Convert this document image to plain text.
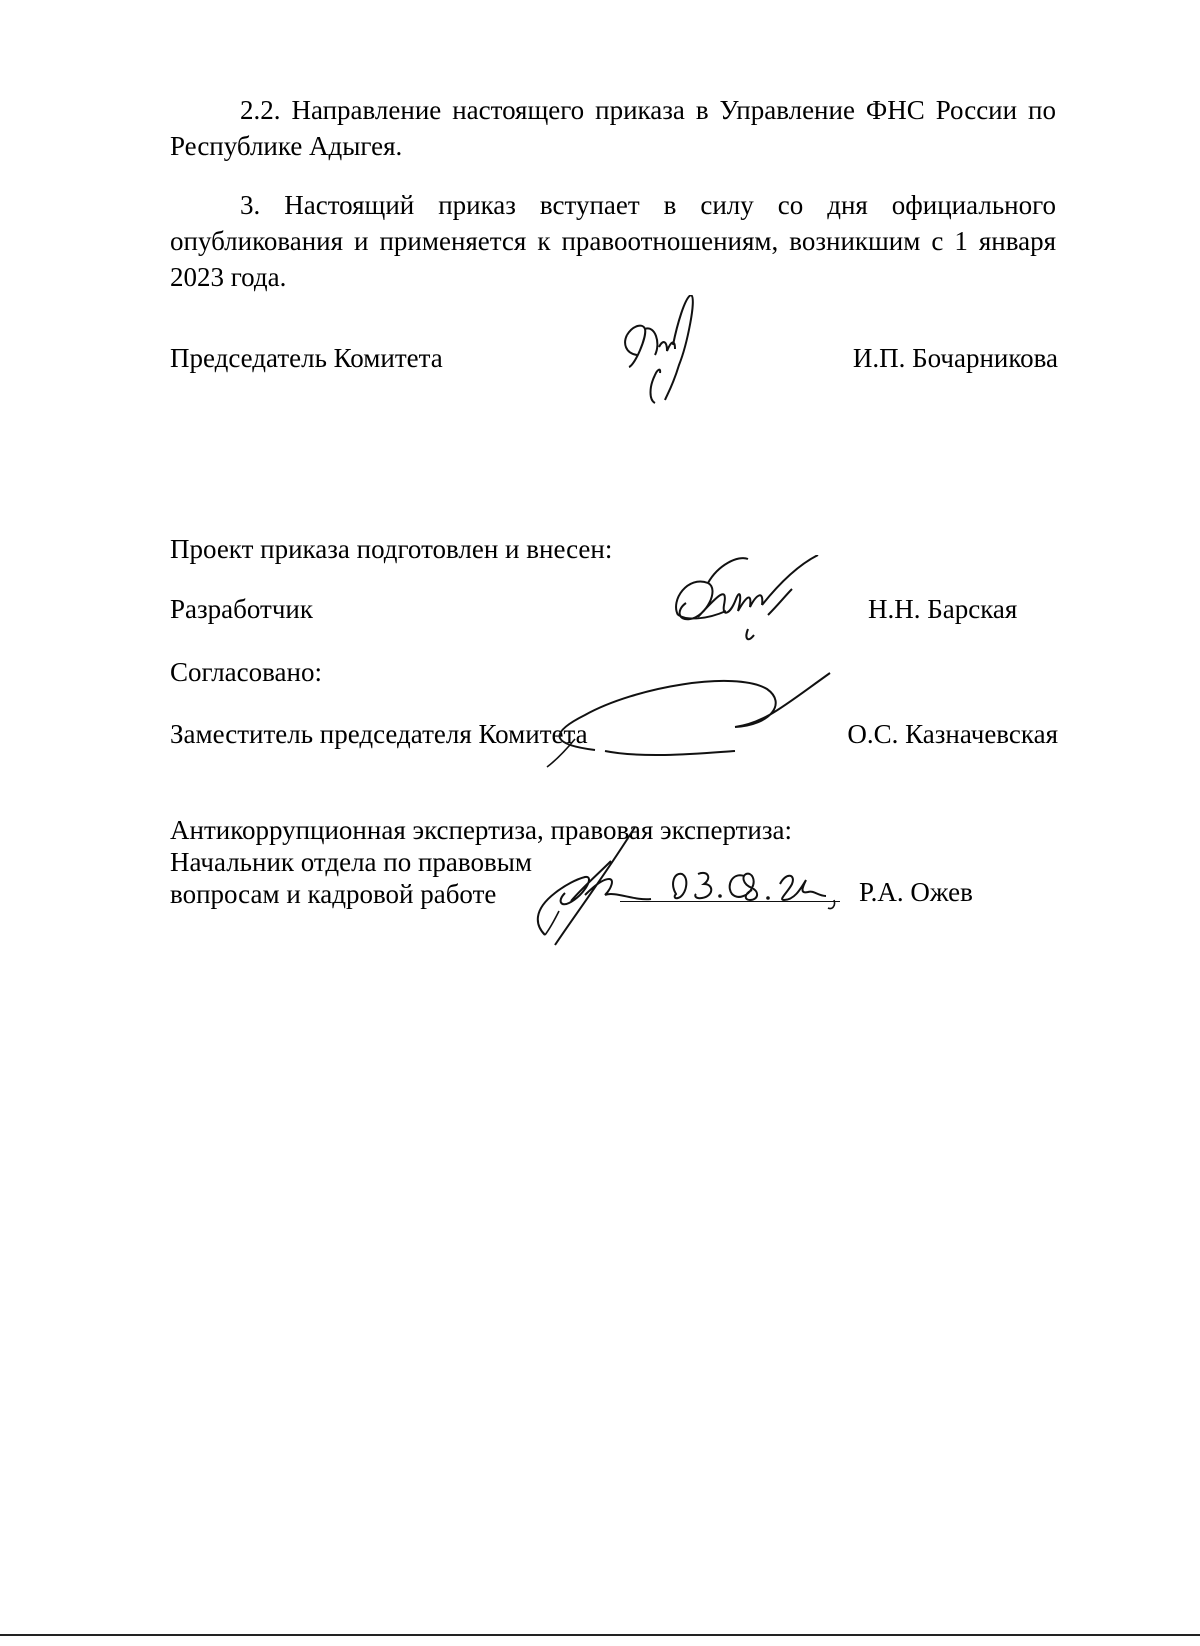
2.2. Направление настоящего приказа в Управление ФНС России по Республике Адыгея.

3. Настоящий приказ вступает в силу со дня официального опубликования и применяется к правоотношениям, возникшим с 1 января 2023 года.

Председатель Комитета	И.П. Бочарникова
Проект приказа подготовлен и внесен:
Разработчик	Н.Н. Барская
Согласовано:
Заместитель председателя Комитета	О.С. Казначевская
Антикоррупционная экспертиза, правовая экспертиза:
Начальник отдела по правовым
вопросам и кадровой работе	Р.А. Ожев
